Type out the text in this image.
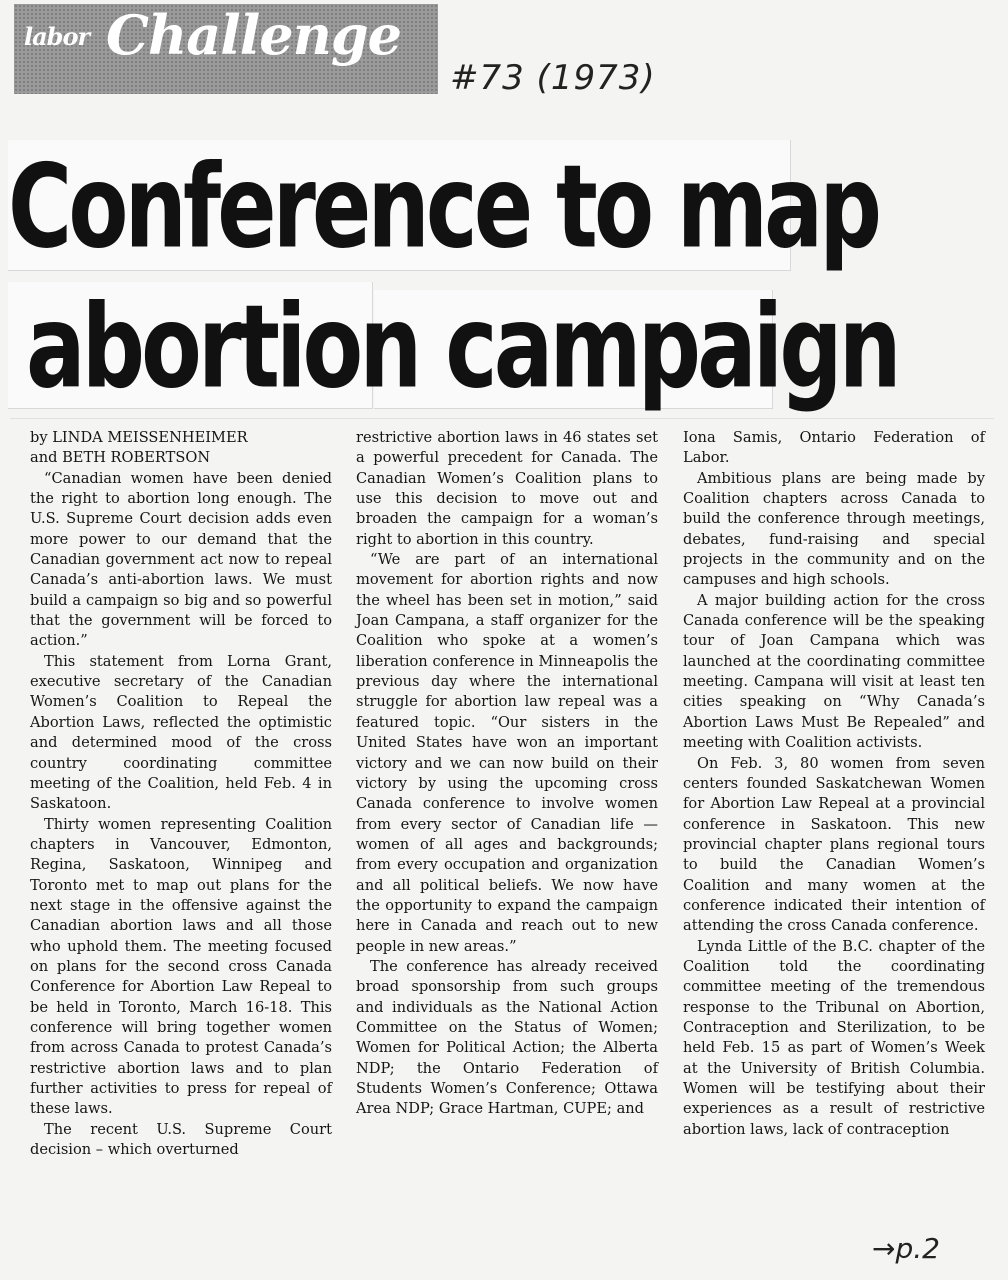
labor Challenge
#73 (1973)
Conference to map
abortion campaign
by LINDA MEISSENHEIMER
and BETH ROBERTSON

“Canadian women have been denied the right to abortion long enough. The U.S. Supreme Court decision adds even more power to our demand that the Canadian government act now to repeal Canada’s anti-abortion laws. We must build a campaign so big and so powerful that the government will be forced to action.”

This statement from Lorna Grant, executive secretary of the Canadian Women’s Coalition to Repeal the Abortion Laws, reflected the optimistic and determined mood of the cross country coordinating committee meeting of the Coalition, held Feb. 4 in Saskatoon.

Thirty women representing Coalition chapters in Vancouver, Edmonton, Regina, Saskatoon, Winnipeg and Toronto met to map out plans for the next stage in the offensive against the Canadian abortion laws and all those who uphold them. The meeting focused on plans for the second cross Canada Conference for Abortion Law Repeal to be held in Toronto, March 16-18. This conference will bring together women from across Canada to protest Canada’s restrictive abortion laws and to plan further activities to press for repeal of these laws.

The recent U.S. Supreme Court decision – which overturned

restrictive abortion laws in 46 states set a powerful precedent for Canada. The Canadian Women’s Coalition plans to use this decision to move out and broaden the campaign for a woman’s right to abortion in this country.

“We are part of an international movement for abortion rights and now the wheel has been set in motion,” said Joan Campana, a staff organizer for the Coalition who spoke at a women’s liberation conference in Minneapolis the previous day where the international struggle for abortion law repeal was a featured topic. “Our sisters in the United States have won an important victory and we can now build on their victory by using the upcoming cross Canada conference to involve women from every sector of Canadian life — women of all ages and backgrounds; from every occupation and organization and all political beliefs. We now have the opportunity to expand the campaign here in Canada and reach out to new people in new areas.”

The conference has already received broad sponsorship from such groups and individuals as the National Action Committee on the Status of Women; Women for Political Action; the Alberta NDP; the Ontario Federation of Students Women’s Conference; Ottawa Area NDP; Grace Hartman, CUPE; and

Iona Samis, Ontario Federation of Labor.

Ambitious plans are being made by Coalition chapters across Canada to build the conference through meetings, debates, fund-raising and special projects in the community and on the campuses and high schools.

A major building action for the cross Canada conference will be the speaking tour of Joan Campana which was launched at the coordinating committee meeting. Campana will visit at least ten cities speaking on “Why Canada’s Abortion Laws Must Be Repealed” and meeting with Coalition activists.

On Feb. 3, 80 women from seven centers founded Saskatchewan Women for Abortion Law Repeal at a provincial conference in Saskatoon. This new provincial chapter plans regional tours to build the Canadian Women’s Coalition and many women at the conference indicated their intention of attending the cross Canada conference.

Lynda Little of the B.C. chapter of the Coalition told the coordinating committee meeting of the tremendous response to the Tribunal on Abortion, Contraception and Sterilization, to be held Feb. 15 as part of Women’s Week at the University of British Columbia. Women will be testifying about their experiences as a result of restrictive abortion laws, lack of contraception

→p.2
